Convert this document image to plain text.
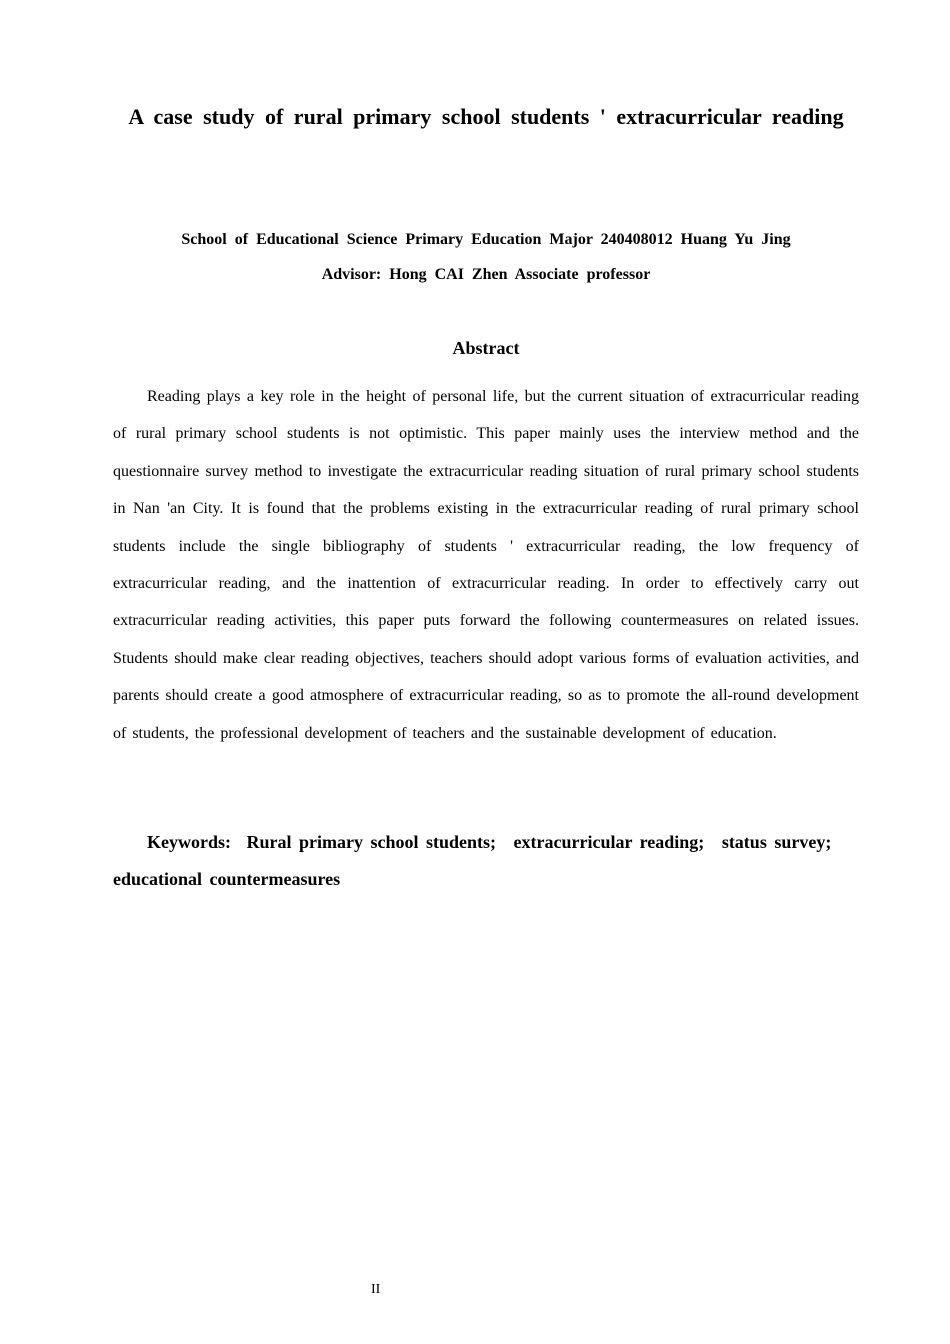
A case study of rural primary school students ' extracurricular reading

School of Educational Science Primary Education Major 240408012 Huang Yu Jing

Advisor: Hong CAI Zhen Associate professor

Abstract

Reading plays a key role in the height of personal life, but the current situation of extracurricular reading of rural primary school students is not optimistic. This paper mainly uses the interview method and the questionnaire survey method to investigate the extracurricular reading situation of rural primary school students in Nan 'an City. It is found that the problems existing in the extracurricular reading of rural primary school students include the single bibliography of students ' extracurricular reading, the low frequency of extracurricular reading, and the inattention of extracurricular reading. In order to effectively carry out extracurricular reading activities, this paper puts forward the following countermeasures on related issues. Students should make clear reading objectives, teachers should adopt various forms of evaluation activities, and parents should create a good atmosphere of extracurricular reading, so as to promote the all-round development of students, the professional development of teachers and the sustainable development of education.

Keywords: Rural primary school students; extracurricular reading; status survey; educational countermeasures

II
